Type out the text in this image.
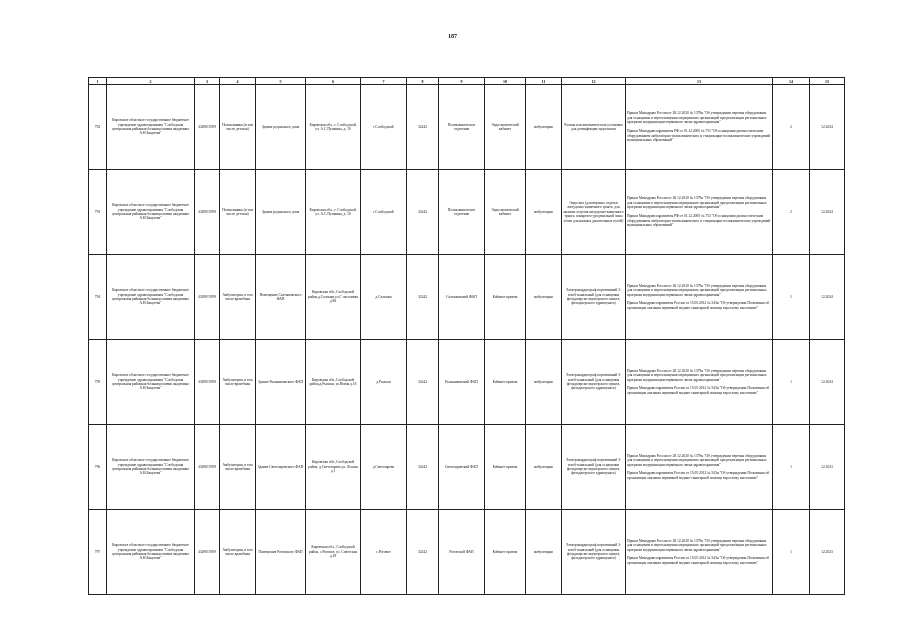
187
1	2	3	4	5	6	7	8	9	10	11	12	13	14	15
792	Кировское областное государственное бюджетное учреждение здравоохранения "Слободская центральная районная больница имени академика А.Н.Бакулева"	4329015959	Поликлиника (в том числе детская)	Здание родильного дома	Кировская обл., г. Слободской, ул. А.С.Пушкина, д. 10	г.Слободской	32242	Поликлиническое отделение	Эндоскопический кабинет	амбулаторно	Ручная или автоматическая установка для дезинфекции эндоскопов	Приказ Минздрава России от 28.12.2020 № 1379н "Об утверждении перечня оборудования для оснащения и переоснащения медицинских организаций при реализации региональных программ модернизации первичного звена здравоохранения"

Приказ Минздравсоцразвития РФ от 01.12.2005 № 753 "Об оснащении диагностическим оборудованием амбулаторно-поликлинических и стационарно-поликлинических учреждений муниципальных образований"	2	12.2024
793	Кировское областное государственное бюджетное учреждение здравоохранения "Слободская центральная районная больница имени академика А.Н.Бакулева"	4329015959	Поликлиника (в том числе детская)	Здание родильного дома	Кировская обл., г. Слободской, ул. А.С.Пушкина, д. 10	г.Слободской	32242	Поликлиническое отделение	Эндоскопический кабинет	амбулаторно	Эндоскоп (для верхних отделов желудочно-кишечного тракта, для нижних отделов желудочно-кишечного тракта, панкреато-дуоденальной зоны и/или для нижних дыхательных путей)	Приказ Минздрава России от 28.12.2020 № 1379н "Об утверждении перечня оборудования для оснащения и переоснащения медицинских организаций при реализации региональных программ модернизации первичного звена здравоохранения"

Приказ Минздравсоцразвития РФ от 01.12.2005 № 753 "Об оснащении диагностическим оборудованием амбулаторно-поликлинических и стационарно-поликлинических учреждений муниципальных образований"	2	12.2024
794	Кировское областное государственное бюджетное учреждение здравоохранения "Слободская центральная районная больница имени академика А.Н.Бакулева"	4329015959	Амбулатория, в том числе врачебная	Помещение Салтыковского ФАП	Кировская обл.,Слободской район,д.Салтыки,ул.С частливая д.96	д.Салтыки	32242	Салтыковский ФАП	Кабинет приема	амбулаторно	Электрокардиограф портативный 3- или 6-канальный (для оснащения фельдшерско-акушерского пункта, фельдшерского здравпункта)	Приказ Минздрава России от 28.12.2020 № 1379н "Об утверждении перечня оборудования для оснащения и переоснащения медицинских организаций при реализации региональных программ модернизации первичного звена здравоохранения"

Приказ Минздравсоцразвития России от 15.05.2012 № 543н "Об утверждении Положения об организации оказания первичной медико-санитарной помощи взрослому населению"	1	12.2024
795	Кировское областное государственное бюджетное учреждение здравоохранения "Слободская центральная районная больница имени академика А.Н.Бакулева"	4329015959	Амбулатория, в том числе врачебная	Здание Рыльниковского ФАП	Кировская обл.,Слободской район,д.Рыльки, ул.Новая д.16	д.Рыльки	32242	Рыльниковский ФАП	Кабинет приема	амбулаторно	Электрокардиограф портативный 3- или 6-канальный (для оснащения фельдшерско-акушерского пункта, фельдшерского здравпункта)	Приказ Минздрава России от 28.12.2020 № 1379н "Об утверждении перечня оборудования для оснащения и переоснащения медицинских организаций при реализации региональных программ модернизации первичного звена здравоохранения"

Приказ Минздравсоцразвития России от 15.05.2012 № 543н "Об утверждении Положения об организации оказания первичной медико-санитарной помощи взрослому населению"	1	12.2024
796	Кировское областное государственное бюджетное учреждение здравоохранения "Слободская центральная районная больница имени академика А.Н.Бакулева"	4329015959	Амбулатория, в том числе врачебная	Здание Светозаревского ФАП	Кировская обл.,Слободской район, д.Светозарево,ул. Лесная д.1	д.Светозарево	32242	Светозаревский ФАП	Кабинет приема	амбулаторно	Электрокардиограф портативный 3- или 6-канальный (для оснащения фельдшерско-акушерского пункта, фельдшерского здравпункта)	Приказ Минздрава России от 28.12.2020 № 1379н "Об утверждении перечня оборудования для оснащения и переоснащения медицинских организаций при реализации региональных программ модернизации первичного звена здравоохранения"

Приказ Минздравсоцразвития России от 15.05.2012 № 543н "Об утверждении Положения об организации оказания первичной медико-санитарной помощи взрослому населению"	1	12.2023
797	Кировское областное государственное бюджетное учреждение здравоохранения "Слободская центральная районная больница имени академика А.Н.Бакулева"	4329015959	Амбулатория, в том числе врачебная	Помещение Роговского ФАП	Кировская обл., Слободской район, с.Роговое, ул. Советская д.18	с.Роговое	32242	Роговской ФАП	Кабинет приема	амбулаторно	Электрокардиограф портативный 3- или 6-канальный (для оснащения фельдшерско-акушерского пункта, фельдшерского здравпункта)	Приказ Минздрава России от 28.12.2020 № 1379н "Об утверждении перечня оборудования для оснащения и переоснащения медицинских организаций при реализации региональных программ модернизации первичного звена здравоохранения"

Приказ Минздравсоцразвития России от 15.05.2012 № 543н "Об утверждении Положения об организации оказания первичной медико-санитарной помощи взрослому населению"	1	12.2023
